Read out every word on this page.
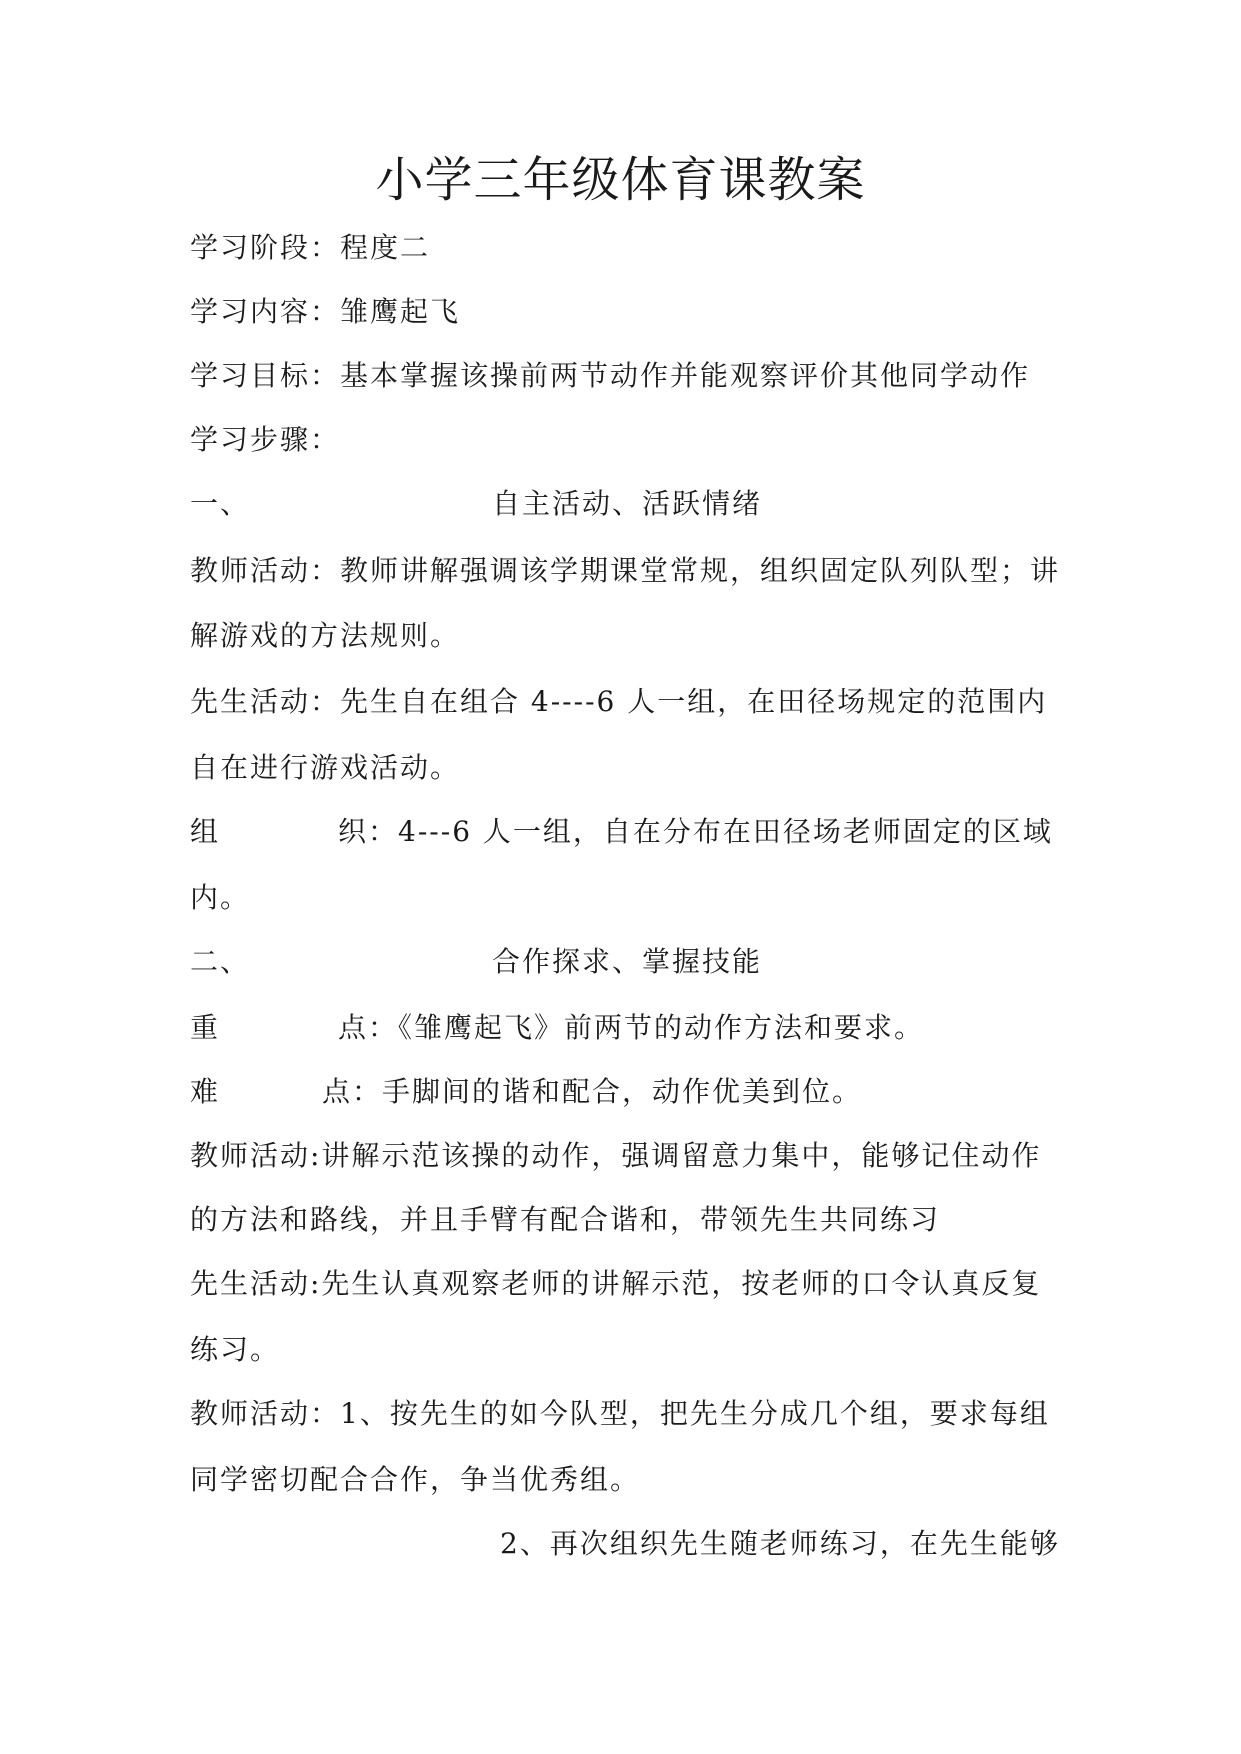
小学三年级体育课教案
学习阶段：程度二
学习内容：雏鹰起飞
学习目标：基本掌握该操前两节动作并能观察评价其他同学动作
学习步骤：
一、	自主活动、活跃情绪
教师活动：教师讲解强调该学期课堂常规，组织固定队列队型；讲
解游戏的方法规则。
先生活动：先生自在组合 4----6 人一组，在田径场规定的范围内
自在进行游戏活动。
组	织：4---6 人一组，自在分布在田径场老师固定的区域
内。
二、	合作探求、掌握技能
重	点：《雏鹰起飞》前两节的动作方法和要求。
难	点：手脚间的谐和配合，动作优美到位。
教师活动:讲解示范该操的动作，强调留意力集中，能够记住动作
的方法和路线，并且手臂有配合谐和，带领先生共同练习
先生活动:先生认真观察老师的讲解示范，按老师的口令认真反复
练习。
教师活动：1、按先生的如今队型，把先生分成几个组，要求每组
同学密切配合合作，争当优秀组。
2、再次组织先生随老师练习，在先生能够
